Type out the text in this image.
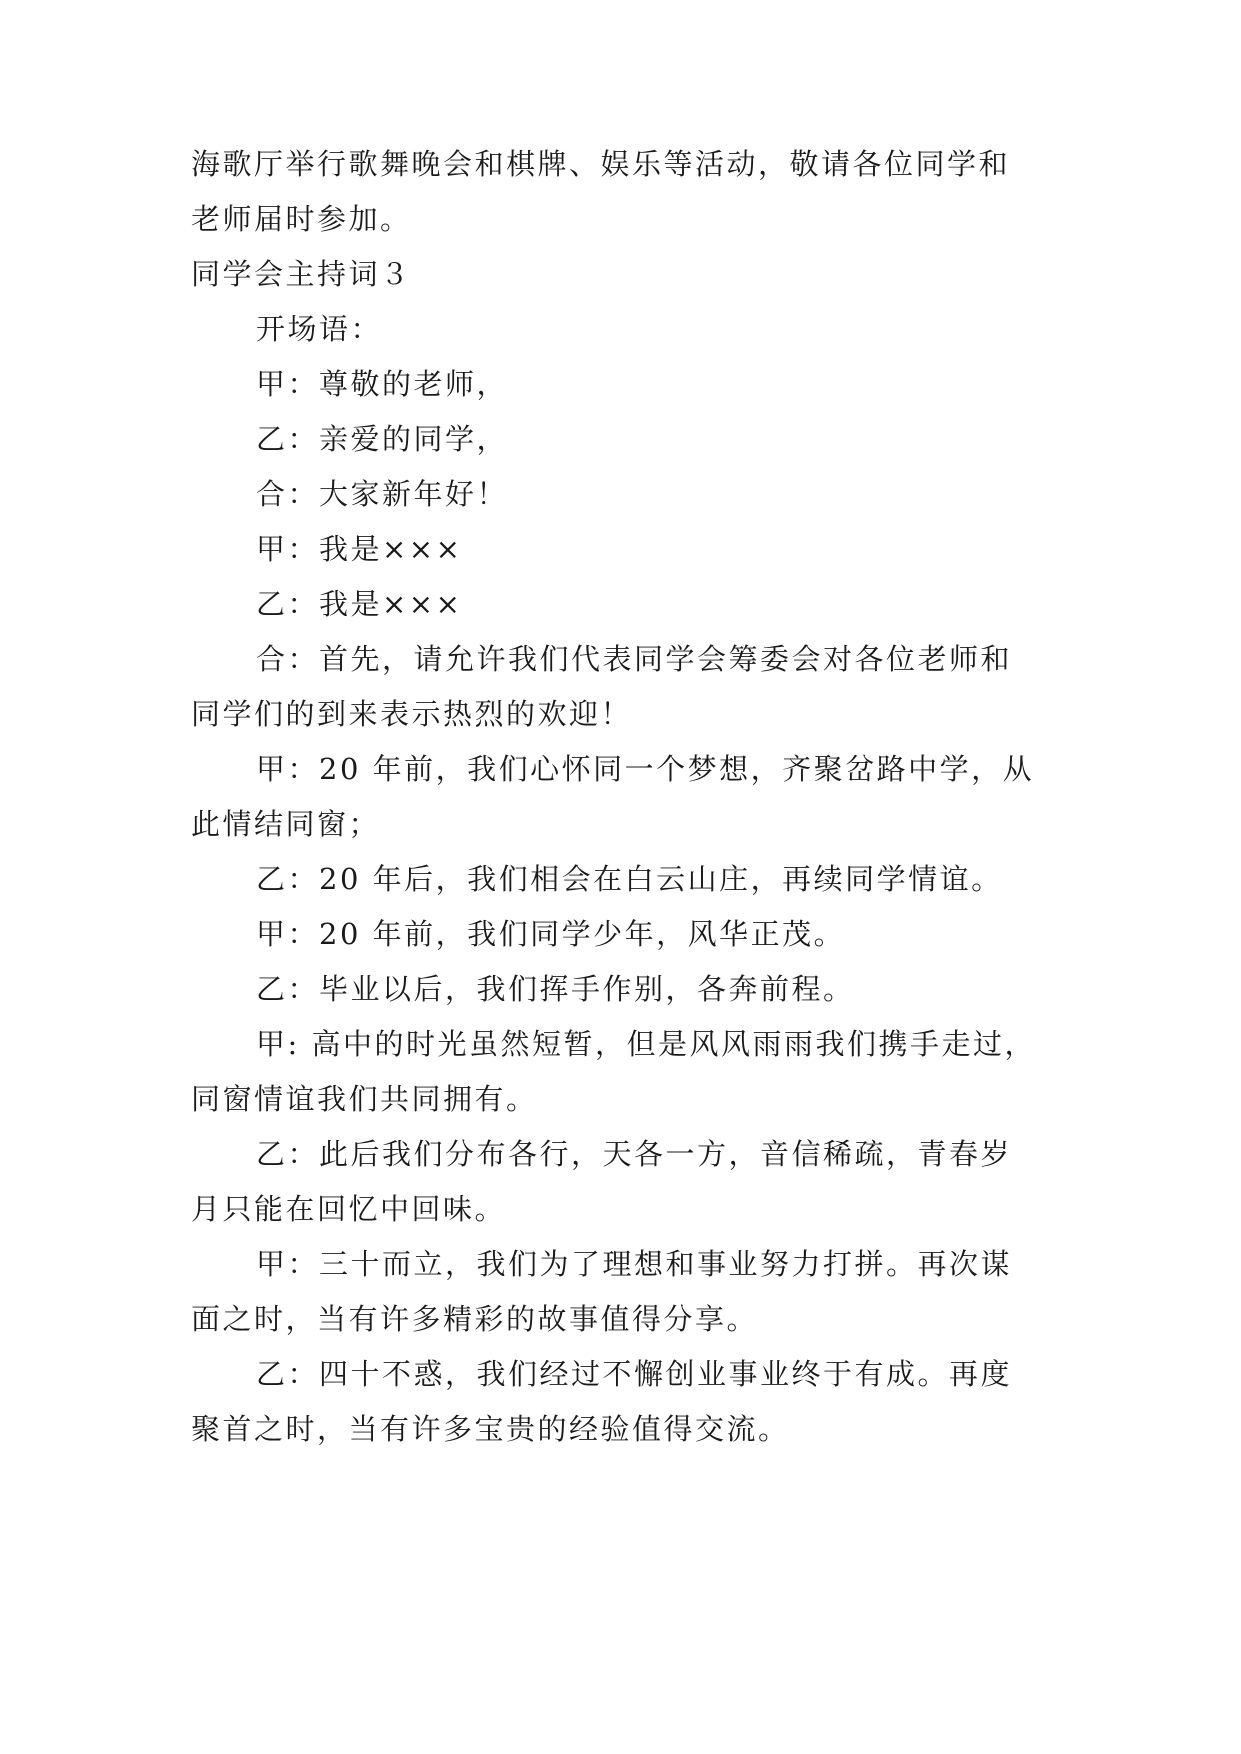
海歌厅举行歌舞晚会和棋牌、娱乐等活动，敬请各位同学和

老师届时参加。

同学会主持词３

开场语：

甲：尊敬的老师，

乙：亲爱的同学，

合：大家新年好！

甲：我是×××

乙：我是×××

合：首先，请允许我们代表同学会筹委会对各位老师和

同学们的到来表示热烈的欢迎！

甲：20 年前，我们心怀同一个梦想，齐聚岔路中学，从

此情结同窗；

乙：20 年后，我们相会在白云山庄，再续同学情谊。

甲：20 年前，我们同学少年，风华正茂。

乙：毕业以后，我们挥手作别，各奔前程。

甲: 高中的时光虽然短暂，但是风风雨雨我们携手走过，

同窗情谊我们共同拥有。

乙：此后我们分布各行，天各一方，音信稀疏，青春岁

月只能在回忆中回味。

甲：三十而立，我们为了理想和事业努力打拼。再次谋

面之时，当有许多精彩的故事值得分享。

乙：四十不惑，我们经过不懈创业事业终于有成。再度

聚首之时，当有许多宝贵的经验值得交流。
